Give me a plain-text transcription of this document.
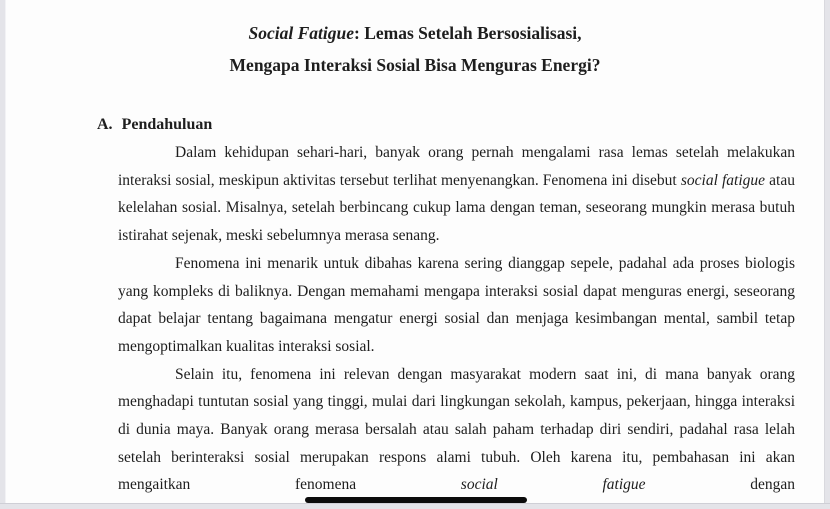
Social Fatigue: Lemas Setelah Bersosialisasi,
Mengapa Interaksi Sosial Bisa Menguras Energi?
A. Pendahuluan

Dalam kehidupan sehari-hari, banyak orang pernah mengalami rasa lemas setelah melakukan interaksi sosial, meskipun aktivitas tersebut terlihat menyenangkan. Fenomena ini disebut social fatigue atau kelelahan sosial. Misalnya, setelah berbincang cukup lama dengan teman, seseorang mungkin merasa butuh istirahat sejenak, meski sebelumnya merasa senang.

Fenomena ini menarik untuk dibahas karena sering dianggap sepele, padahal ada proses biologis yang kompleks di baliknya. Dengan memahami mengapa interaksi sosial dapat menguras energi, seseorang dapat belajar tentang bagaimana mengatur energi sosial dan menjaga kesimbangan mental, sambil tetap mengoptimalkan kualitas interaksi sosial.

Selain itu, fenomena ini relevan dengan masyarakat modern saat ini, di mana banyak orang menghadapi tuntutan sosial yang tinggi, mulai dari lingkungan sekolah, kampus, pekerjaan, hingga interaksi di dunia maya. Banyak orang merasa bersalah atau salah paham terhadap diri sendiri, padahal rasa lelah setelah berinteraksi sosial merupakan respons alami tubuh. Oleh karena itu, pembahasan ini akan mengaitkan fenomena social fatigue dengan
